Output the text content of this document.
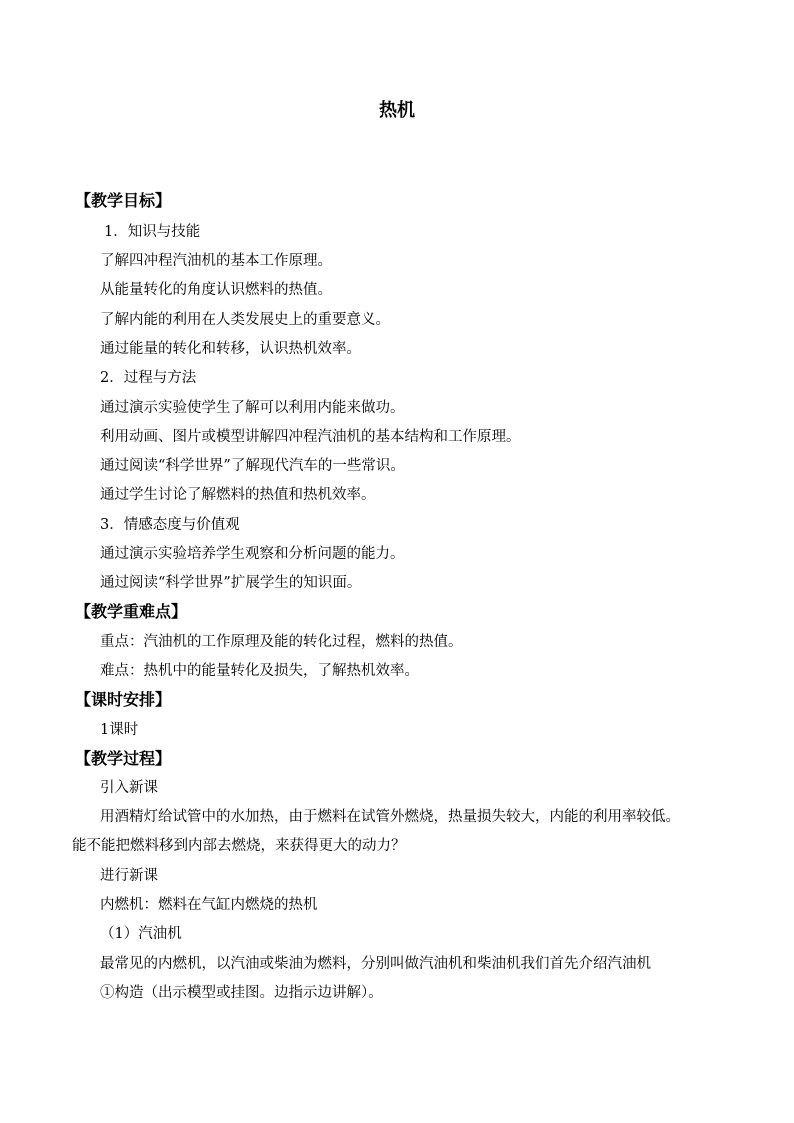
热机
【教学目标】
1．知识与技能
了解四冲程汽油机的基本工作原理。
从能量转化的角度认识燃料的热值。
了解内能的利用在人类发展史上的重要意义。
通过能量的转化和转移，认识热机效率。
2．过程与方法
通过演示实验使学生了解可以利用内能来做功。
利用动画、图片或模型讲解四冲程汽油机的基本结构和工作原理。
通过阅读“科学世界”了解现代汽车的一些常识。
通过学生讨论了解燃料的热值和热机效率。
3．情感态度与价值观
通过演示实验培养学生观察和分析问题的能力。
通过阅读“科学世界”扩展学生的知识面。
【教学重难点】
重点：汽油机的工作原理及能的转化过程，燃料的热值。
难点：热机中的能量转化及损失，了解热机效率。
【课时安排】
1课时
【教学过程】
引入新课
用酒精灯给试管中的水加热，由于燃料在试管外燃烧，热量损失较大，内能的利用率较低。
能不能把燃料移到内部去燃烧，来获得更大的动力？
进行新课
内燃机：燃料在气缸内燃烧的热机
（1）汽油机
最常见的内燃机，以汽油或柴油为燃料，分别叫做汽油机和柴油机我们首先介绍汽油机
①构造（出示模型或挂图。边指示边讲解）。
